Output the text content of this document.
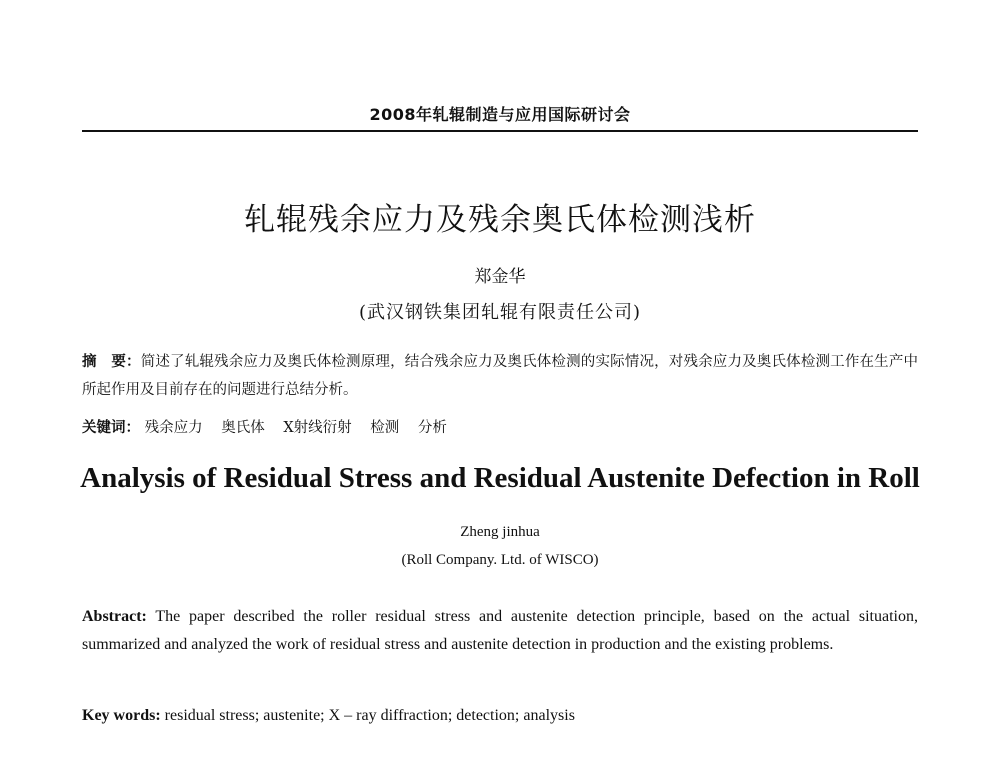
2008年轧辊制造与应用国际研讨会
轧辊残余应力及残余奥氏体检测浅析
郑金华
(武汉钢铁集团轧辊有限责任公司)
摘　要：简述了轧辊残余应力及奥氏体检测原理，结合残余应力及奥氏体检测的实际情况，对残余应力及奥氏体检测工作在生产中所起作用及目前存在的问题进行总结分析。
关键词： 残余应力 奥氏体 X射线衍射 检测 分析
Analysis of Residual Stress and Residual Austenite Defection in Roll
Zheng jinhua
(Roll Company. Ltd. of WISCO)
Abstract: The paper described the roller residual stress and austenite detection principle, based on the actual situation, summarized and analyzed the work of residual stress and austenite detection in production and the existing problems.
Key words: residual stress; austenite; X – ray diffraction; detection; analysis
